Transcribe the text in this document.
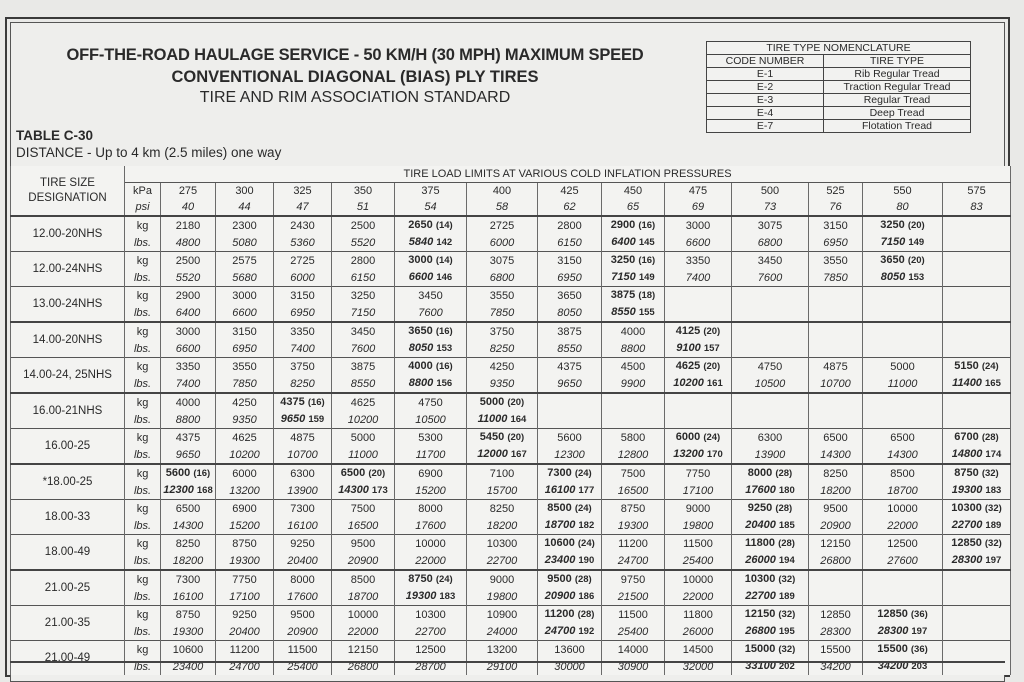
OFF-THE-ROAD HAULAGE SERVICE - 50 KM/H (30 MPH) MAXIMUM SPEED
CONVENTIONAL DIAGONAL (BIAS) PLY TIRES
TIRE AND RIM ASSOCIATION STANDARD
TABLE C-30
DISTANCE - Up to 4 km (2.5 miles) one way
TIRE TYPE NOMENCLATURE	
CODE NUMBER	TIRE TYPE
E-1	Rib Regular Tread
E-2	Traction Regular Tread
E-3	Regular Tread
E-4	Deep Tread
E-7	Flotation Tread
TIRE SIZE DESIGNATION	TIRE LOAD LIMITS AT VARIOUS COLD INFLATION PRESSURES													
	kPa	275	300	325	350	375	400	425	450	475	500	525	550	575
	psi	40	44	47	51	54	58	62	65	69	73	76	80	83
12.00-20NHS	kg	2180	2300	2430	2500	2650 (14)	2725	2800	2900 (16)	3000	3075	3150	3250 (20)	
	lbs.	4800	5080	5360	5520	5840 142	6000	6150	6400 145	6600	6800	6950	7150 149	
12.00-24NHS	kg	2500	2575	2725	2800	3000 (14)	3075	3150	3250 (16)	3350	3450	3550	3650 (20)	
	lbs.	5520	5680	6000	6150	6600 146	6800	6950	7150 149	7400	7600	7850	8050 153	
13.00-24NHS	kg	2900	3000	3150	3250	3450	3550	3650	3875 (18)					
	lbs.	6400	6600	6950	7150	7600	7850	8050	8550 155					
14.00-20NHS	kg	3000	3150	3350	3450	3650 (16)	3750	3875	4000	4125 (20)				
	lbs.	6600	6950	7400	7600	8050 153	8250	8550	8800	9100 157				
14.00-24, 25NHS	kg	3350	3550	3750	3875	4000 (16)	4250	4375	4500	4625 (20)	4750	4875	5000	5150 (24)
	lbs.	7400	7850	8250	8550	8800 156	9350	9650	9900	10200 161	10500	10700	11000	11400 165
16.00-21NHS	kg	4000	4250	4375 (16)	4625	4750	5000 (20)							
	lbs.	8800	9350	9650 159	10200	10500	11000 164							
16.00-25	kg	4375	4625	4875	5000	5300	5450 (20)	5600	5800	6000 (24)	6300	6500	6500	6700 (28)
	lbs.	9650	10200	10700	11000	11700	12000 167	12300	12800	13200 170	13900	14300	14300	14800 174
*18.00-25	kg	5600 (16)	6000	6300	6500 (20)	6900	7100	7300 (24)	7500	7750	8000 (28)	8250	8500	8750 (32)
	lbs.	12300 168	13200	13900	14300 173	15200	15700	16100 177	16500	17100	17600 180	18200	18700	19300 183
18.00-33	kg	6500	6900	7300	7500	8000	8250	8500 (24)	8750	9000	9250 (28)	9500	10000	10300 (32)
	lbs.	14300	15200	16100	16500	17600	18200	18700 182	19300	19800	20400 185	20900	22000	22700 189
18.00-49	kg	8250	8750	9250	9500	10000	10300	10600 (24)	11200	11500	11800 (28)	12150	12500	12850 (32)
	lbs.	18200	19300	20400	20900	22000	22700	23400 190	24700	25400	26000 194	26800	27600	28300 197
21.00-25	kg	7300	7750	8000	8500	8750 (24)	9000	9500 (28)	9750	10000	10300 (32)			
	lbs.	16100	17100	17600	18700	19300 183	19800	20900 186	21500	22000	22700 189			
21.00-35	kg	8750	9250	9500	10000	10300	10900	11200 (28)	11500	11800	12150 (32)	12850	12850 (36)	
	lbs.	19300	20400	20900	22000	22700	24000	24700 192	25400	26000	26800 195	28300	28300 197	
21.00-49	kg	10600	11200	11500	12150	12500	13200	13600	14000	14500	15000 (32)	15500	15500 (36)	
	lbs.	23400	24700	25400	26800	28700	29100	30000	30900	32000	33100 202	34200	34200 203	
